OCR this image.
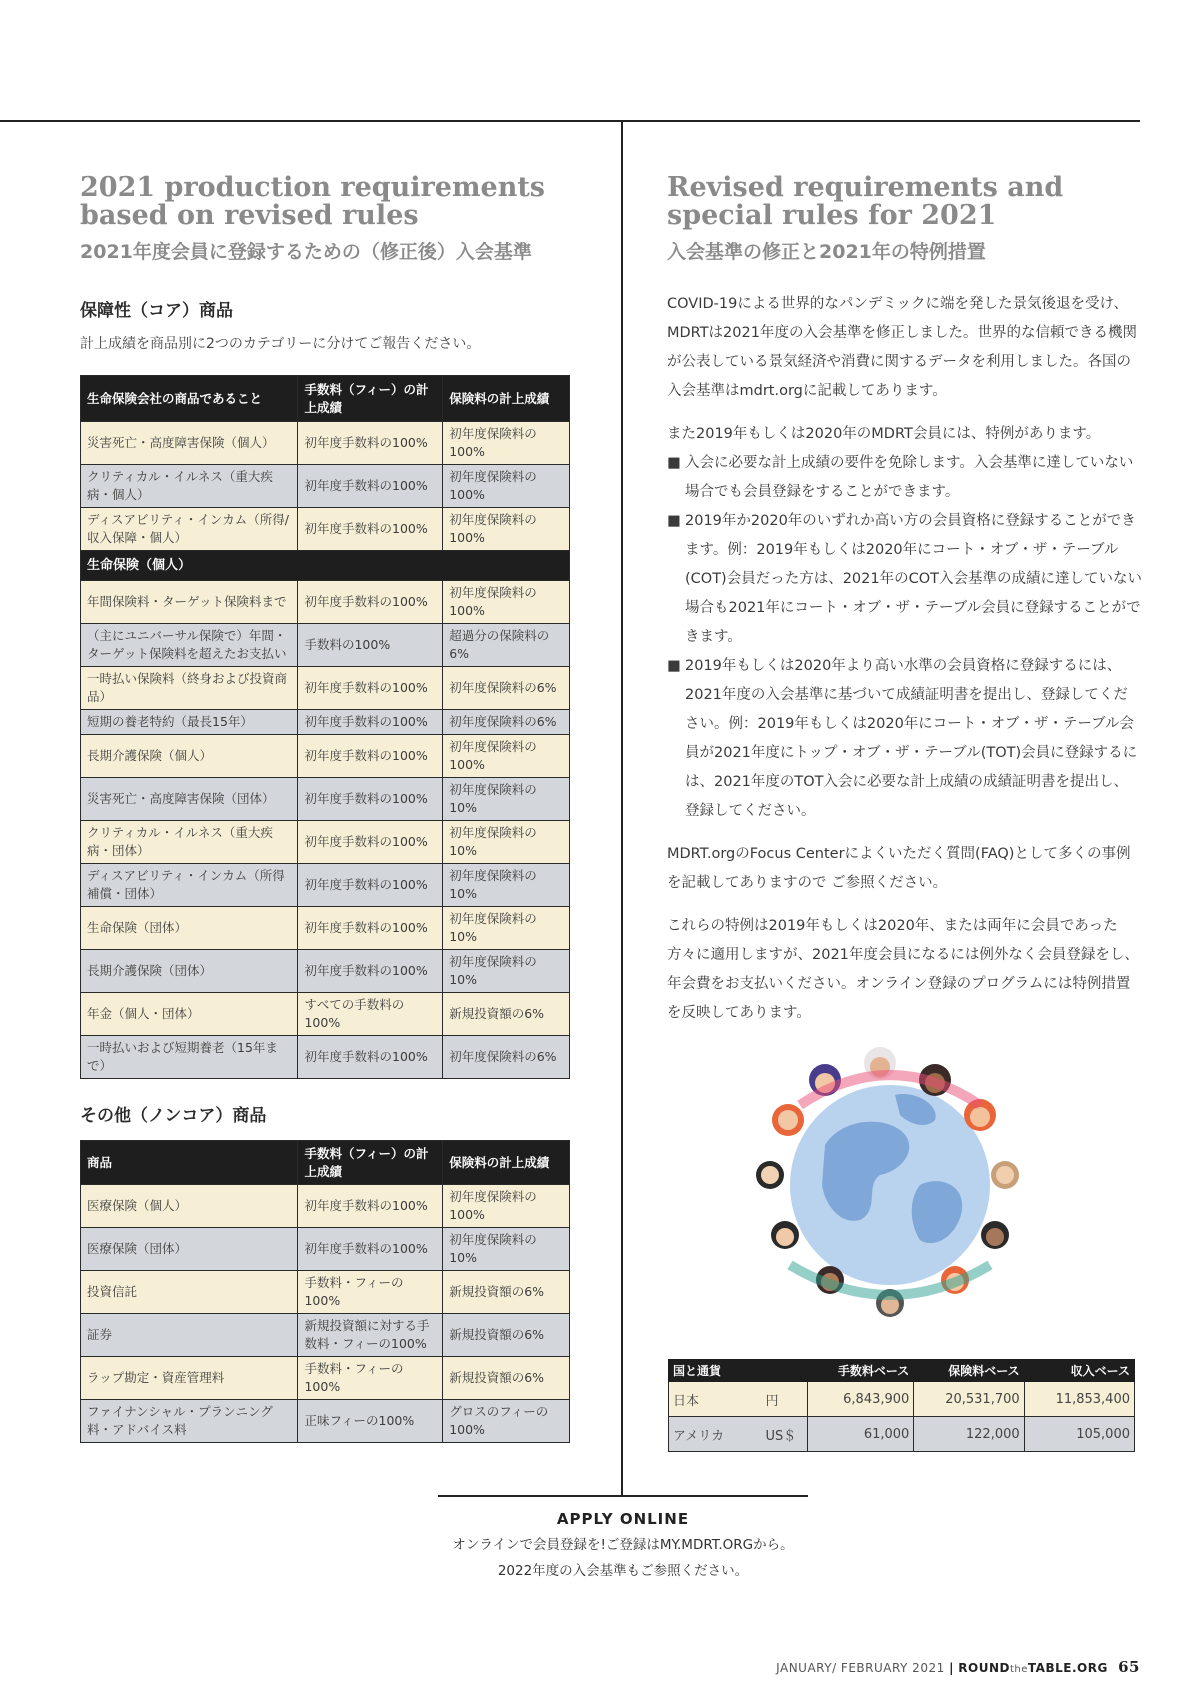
2021 production requirements based on revised rules
2021年度会員に登録するための（修正後）入会基準
保障性（コア）商品
計上成績を商品別に2つのカテゴリーに分けてご報告ください。
生命保険会社の商品であること	手数料（フィー）の計上成績	保険料の計上成績
災害死亡・高度障害保険（個人）	初年度手数料の100%	初年度保険料の100%
クリティカル・イルネス（重大疾病・個人）	初年度手数料の100%	初年度保険料の100%
ディスアビリティ・インカム（所得/収入保障・個人）	初年度手数料の100%	初年度保険料の100%
生命保険（個人）		
年間保険料・ターゲット保険料まで	初年度手数料の100%	初年度保険料の100%
（主にユニバーサル保険で）年間・ターゲット保険料を超えたお支払い	手数料の100%	超過分の保険料の6%
一時払い保険料（終身および投資商品）	初年度手数料の100%	初年度保険料の6%
短期の養老特約（最長15年）	初年度手数料の100%	初年度保険料の6%
長期介護保険（個人）	初年度手数料の100%	初年度保険料の100%
災害死亡・高度障害保険（団体）	初年度手数料の100%	初年度保険料の10%
クリティカル・イルネス（重大疾病・団体）	初年度手数料の100%	初年度保険料の10%
ディスアビリティ・インカム（所得補償・団体）	初年度手数料の100%	初年度保険料の10%
生命保険（団体）	初年度手数料の100%	初年度保険料の10%
長期介護保険（団体）	初年度手数料の100%	初年度保険料の10%
年金（個人・団体）	すべての手数料の100%	新規投資額の6%
一時払いおよび短期養老（15年まで）	初年度手数料の100%	初年度保険料の6%
その他（ノンコア）商品
商品	手数料（フィー）の計上成績	保険料の計上成績
医療保険（個人）	初年度手数料の100%	初年度保険料の100%
医療保険（団体）	初年度手数料の100%	初年度保険料の10%
投資信託	手数料・フィーの100%	新規投資額の6%
証券	新規投資額に対する手数料・フィーの100%	新規投資額の6%
ラップ勘定・資産管理料	手数料・フィーの100%	新規投資額の6%
ファイナンシャル・プランニング料・アドバイス料	正味フィーの100%	グロスのフィーの100%
Revised requirements and special rules for 2021
入会基準の修正と2021年の特例措置
COVID-19による世界的なパンデミックに端を発した景気後退を受け、MDRTは2021年度の入会基準を修正しました。世界的な信頼できる機関が公表している景気経済や消費に関するデータを利用しました。各国の入会基準はmdrt.orgに記載してあります。
また2019年もしくは2020年のMDRT会員には、特例があります。
■ 入会に必要な計上成績の要件を免除します。入会基準に達していない場合でも会員登録をすることができます。
■ 2019年か2020年のいずれか高い方の会員資格に登録することができます。例：2019年もしくは2020年にコート・オブ・ザ・テーブル(COT)会員だった方は、2021年のCOT入会基準の成績に達していない場合も2021年にコート・オブ・ザ・テーブル会員に登録することができます。
■ 2019年もしくは2020年より高い水準の会員資格に登録するには、2021年度の入会基準に基づいて成績証明書を提出し、登録してください。例：2019年もしくは2020年にコート・オブ・ザ・テーブル会員が2021年度にトップ・オブ・ザ・テーブル(TOT)会員に登録するには、2021年度のTOT入会に必要な計上成績の成績証明書を提出し、登録してください。
MDRT.orgのFocus Centerによくいただく質問(FAQ)として多くの事例を記載してありますので ご参照ください。
これらの特例は2019年もしくは2020年、または両年に会員であった方々に適用しますが、2021年度会員になるには例外なく会員登録をし、年会費をお支払いください。オンライン登録のプログラムには特例措置を反映してあります。
国と通貨		手数料ベース	保険料ベース	収入ベース
日本	円	6,843,900	20,531,700	11,853,400
アメリカ	US＄	61,000	122,000	105,000
APPLY ONLINE
オンラインで会員登録を!ご登録はMY.MDRT.ORGから。
2022年度の入会基準もご参照ください。
JANUARY/ FEBRUARY 2021 | ROUNDtheTABLE.ORG 65
